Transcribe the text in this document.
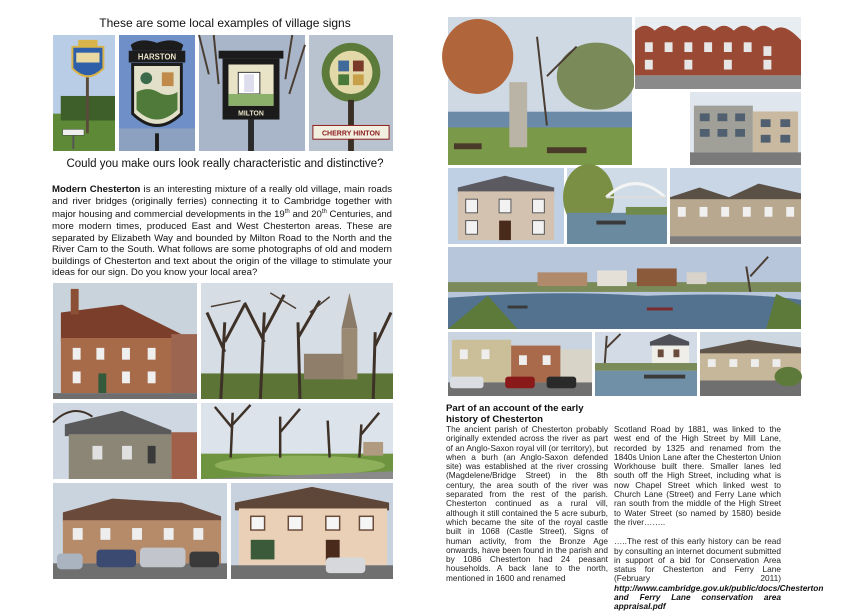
These are some local examples of village signs
HARSTON
MILTON
CHERRY HINTON
Could you make ours look really characteristic and distinctive?
Modern Chesterton is an interesting mixture of a really old village, main roads and river bridges (originally ferries) connecting it to Cambridge together with major housing and commercial developments in the 19th and 20th Centuries, and more modern times, produced East and West Chesterton areas. These are separated by Elizabeth Way and bounded by Milton Road to the North and the River Cam to the South. What follows are some photographs of old and modern buildings of Chesterton and text about the origin of the village to stimulate your ideas for our sign. Do you know your local area?
Part of an account of the early history of Chesterton
The ancient parish of Chesterton probably originally extended across the river as part of an Anglo-Saxon royal vill (or territory), but when a burh (an Anglo-Saxon defended site) was established at the river crossing (Magdelene/Bridge Street) in the 8th century, the area south of the river was separated from the rest of the parish. Chesterton continued as a rural vill, although it still contained the 5 acre suburb, which became the site of the royal castle built in 1068 (Castle Street). Signs of human activity, from the Bronze Age onwards, have been found in the parish and by 1086 Chesterton had 24 peasant households. A back lane to the north, mentioned in 1600 and renamed
Scotland Road by 1881, was linked to the west end of the High Street by Mill Lane, recorded by 1325 and renamed from the 1840s Union Lane after the Chesterton Union Workhouse built there. Smaller lanes led south off the High Street, including what is now Chapel Street which linked west to Church Lane (Street) and Ferry Lane which ran south from the middle of the High Street to Water Street (so named by 1580) beside the river……..
…..The rest of this early history can be read by consulting an internet document submitted in support of a bid for Conservation Area status for Chesterton and Ferry Lane (February 2011) http://www.cambridge.gov.uk/public/docs/Chesterton and Ferry Lane conservation area appraisal.pdf
